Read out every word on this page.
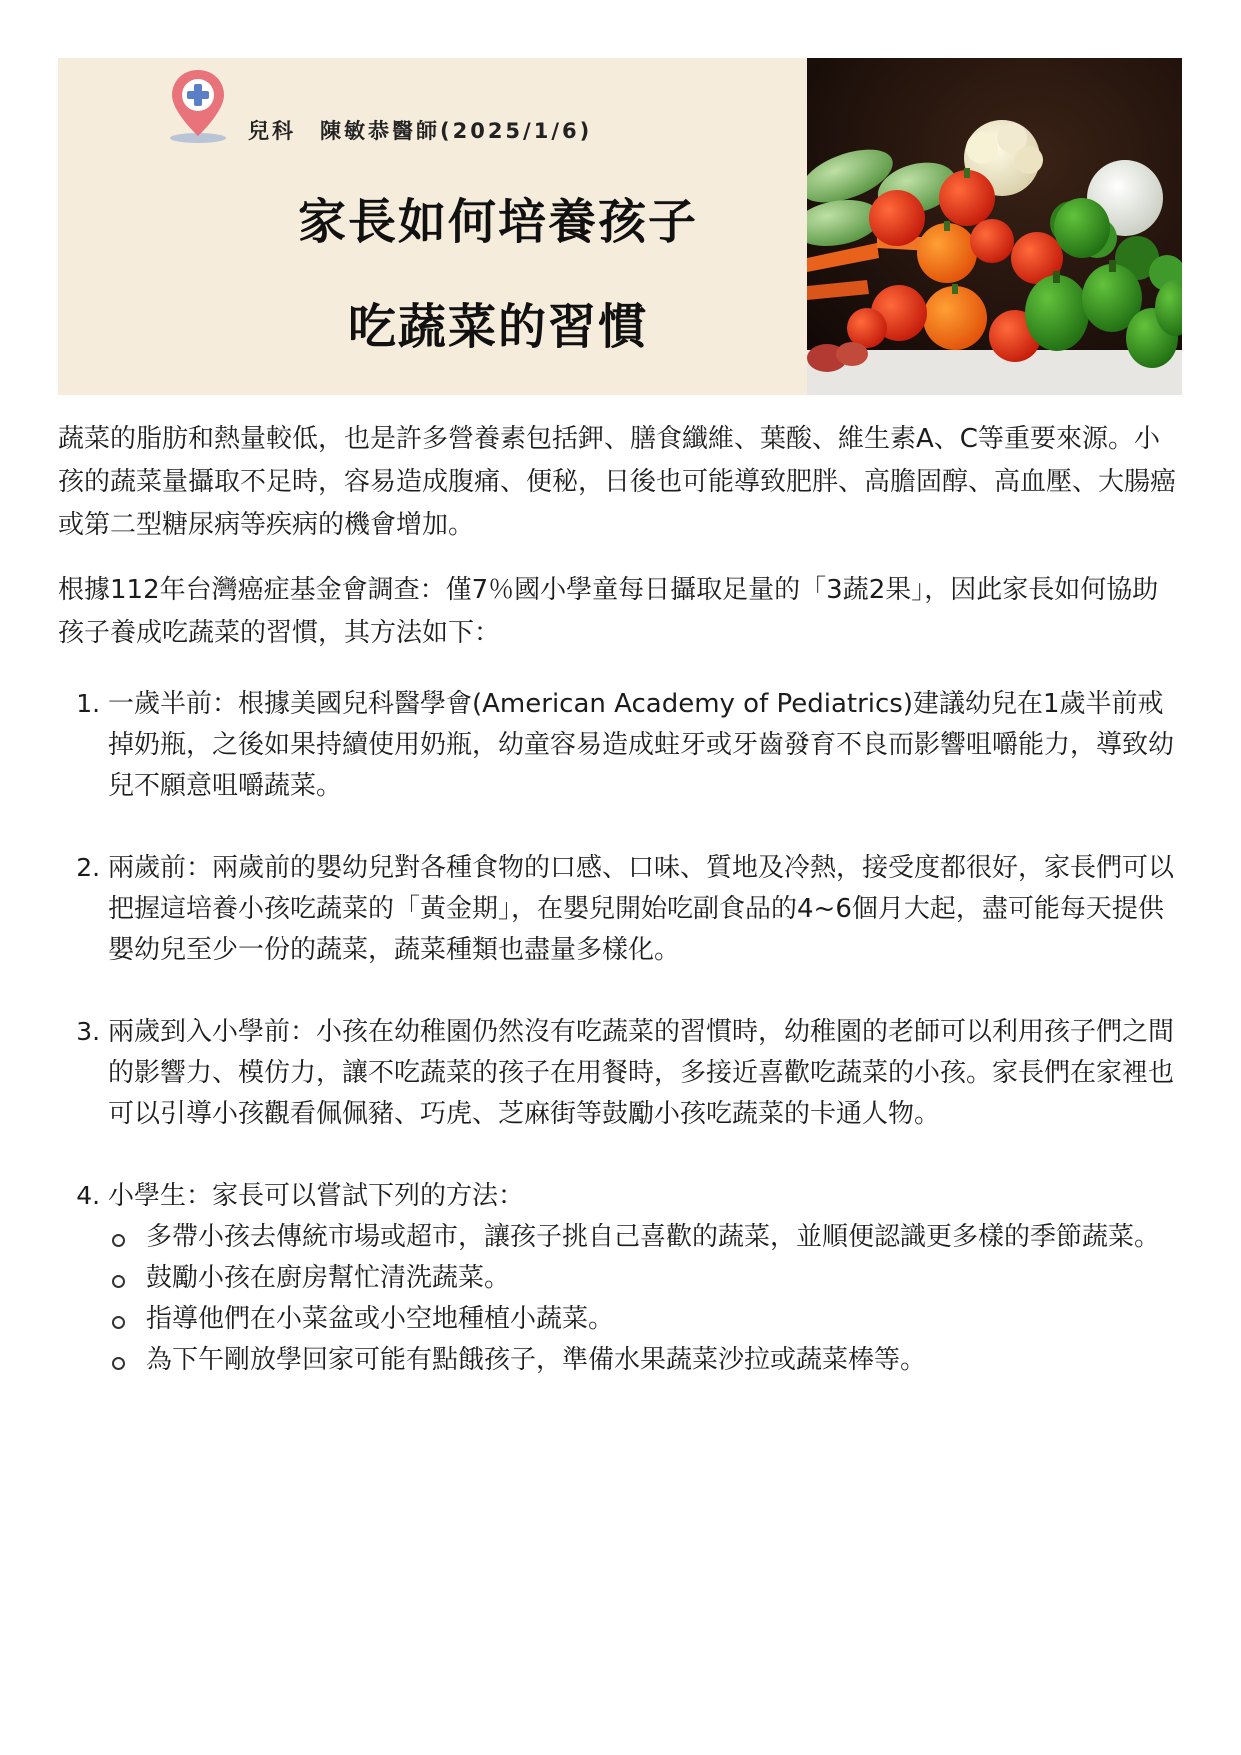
兒科　陳敏恭醫師(2025/1/6)
家長如何培養孩子
吃蔬菜的習慣

蔬菜的脂肪和熱量較低，也是許多營養素包括鉀、膳食纖維、葉酸、維生素A、C等重要來源。小孩的蔬菜量攝取不足時，容易造成腹痛、便秘，日後也可能導致肥胖、高膽固醇、高血壓、大腸癌或第二型糖尿病等疾病的機會增加。

根據112年台灣癌症基金會調查：僅7％國小學童每日攝取足量的「3蔬2果」，因此家長如何協助孩子養成吃蔬菜的習慣，其方法如下：

1. 一歲半前：根據美國兒科醫學會(American Academy of Pediatrics)建議幼兒在1歲半前戒掉奶瓶，之後如果持續使用奶瓶，幼童容易造成蛀牙或牙齒發育不良而影響咀嚼能力，導致幼兒不願意咀嚼蔬菜。
2. 兩歲前：兩歲前的嬰幼兒對各種食物的口感、口味、質地及冷熱，接受度都很好，家長們可以把握這培養小孩吃蔬菜的「黃金期」，在嬰兒開始吃副食品的4~6個月大起，盡可能每天提供嬰幼兒至少一份的蔬菜，蔬菜種類也盡量多樣化。
3. 兩歲到入小學前：小孩在幼稚園仍然沒有吃蔬菜的習慣時，幼稚園的老師可以利用孩子們之間的影響力、模仿力，讓不吃蔬菜的孩子在用餐時，多接近喜歡吃蔬菜的小孩。家長們在家裡也可以引導小孩觀看佩佩豬、巧虎、芝麻街等鼓勵小孩吃蔬菜的卡通人物。
4. 小學生：家長可以嘗試下列的方法：
多帶小孩去傳統市場或超市，讓孩子挑自己喜歡的蔬菜，並順便認識更多樣的季節蔬菜。
鼓勵小孩在廚房幫忙清洗蔬菜。
指導他們在小菜盆或小空地種植小蔬菜。
為下午剛放學回家可能有點餓孩子，準備水果蔬菜沙拉或蔬菜棒等。
